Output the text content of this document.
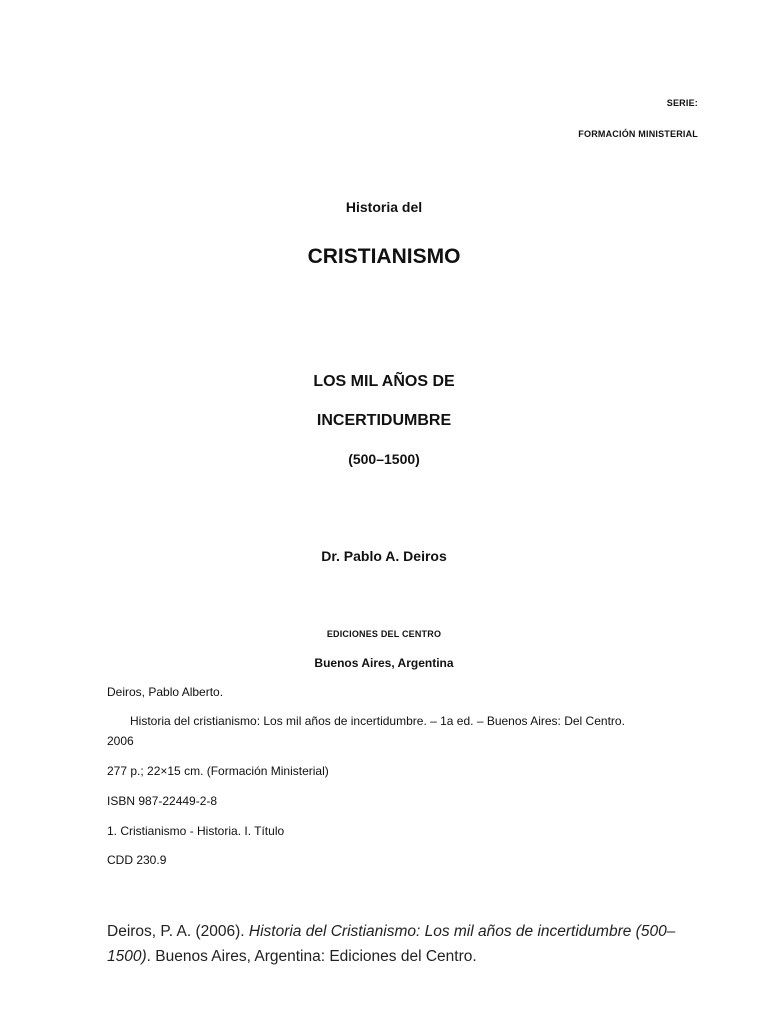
SERIE:
FORMACIÓN MINISTERIAL
Historia del
CRISTIANISMO
LOS MIL AÑOS DE
INCERTIDUMBRE
(500–1500)
Dr. Pablo A. Deiros
EDICIONES DEL CENTRO
Buenos Aires, Argentina
Deiros, Pablo Alberto.
Historia del cristianismo: Los mil años de incertidumbre. – 1a ed. – Buenos Aires: Del Centro.
2006
277 p.; 22×15 cm. (Formación Ministerial)
ISBN 987-22449-2-8
1. Cristianismo - Historia. I. Título
CDD 230.9
Deiros, P. A. (2006). Historia del Cristianismo: Los mil años de incertidumbre (500–1500). Buenos Aires, Argentina: Ediciones del Centro.
